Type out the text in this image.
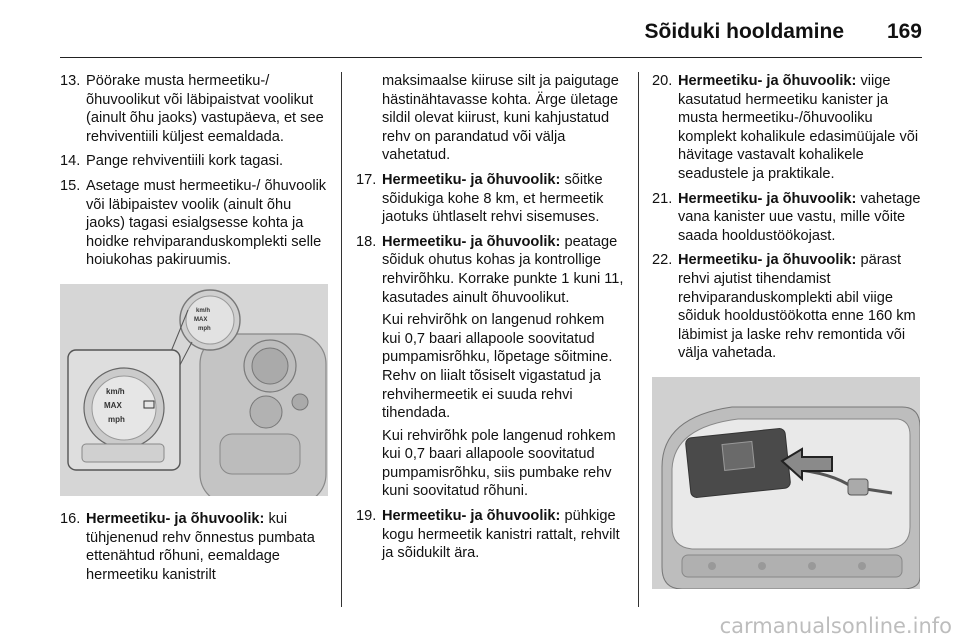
Sõiduki hooldamine 169
13. Pöörake musta hermeetiku-/ õhuvoolikut või läbipaistvat voolikut (ainult õhu jaoks) vastupäeva, et see rehviventiili küljest eemaldada.
14. Pange rehviventiili kork tagasi.
15. Asetage must hermeetiku-/ õhuvoolik või läbipaistev voolik (ainult õhu jaoks) tagasi esialgsesse kohta ja hoidke rehviparanduskomplekti selle hoiukohas pakiruumis.
km/h
MAX
mph
km/h
MAX
mph
16. Hermeetiku- ja õhuvoolik: kui tühjenenud rehv õnnestus pumbata ettenähtud rõhuni, eemaldage hermeetiku kanistrilt
maksimaalse kiiruse silt ja paigutage hästinähtavasse kohta. Ärge ületage sildil olevat kiirust, kuni kahjustatud rehv on parandatud või välja vahetatud.
17. Hermeetiku- ja õhuvoolik: sõitke sõidukiga kohe 8 km, et hermeetik jaotuks ühtlaselt rehvi sisemuses.
18. Hermeetiku- ja õhuvoolik: peatage sõiduk ohutus kohas ja kontrollige rehvirõhku. Korrake punkte 1 kuni 11, kasutades ainult õhuvoolikut.
Kui rehvirõhk on langenud rohkem kui 0,7 baari allapoole soovitatud pumpamisrõhku, lõpetage sõitmine. Rehv on liialt tõsiselt vigastatud ja rehvihermeetik ei suuda rehvi tihendada.
Kui rehvirõhk pole langenud rohkem kui 0,7 baari allapoole soovitatud pumpamisrõhku, siis pumbake rehv kuni soovitatud rõhuni.
19. Hermeetiku- ja õhuvoolik: pühkige kogu hermeetik kanistri rattalt, rehvilt ja sõidukilt ära.
20. Hermeetiku- ja õhuvoolik: viige kasutatud hermeetiku kanister ja musta hermeetiku-/õhuvooliku komplekt kohalikule edasimüüjale või hävitage vastavalt kohalikele seadustele ja praktikale.
21. Hermeetiku- ja õhuvoolik: vahetage vana kanister uue vastu, mille võite saada hooldustöökojast.
22. Hermeetiku- ja õhuvoolik: pärast rehvi ajutist tihendamist rehviparanduskomplekti abil viige sõiduk hooldustöökotta enne 160 km läbimist ja laske rehv remontida või välja vahetada.
carmanualsonline.info
